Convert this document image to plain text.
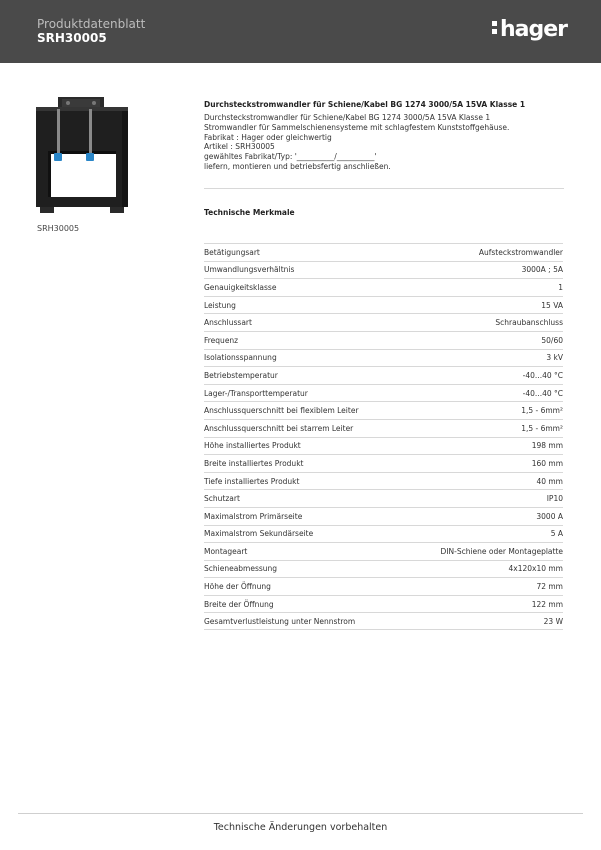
Produktdatenblatt
SRH30005	hager
SRH30005
Durchsteckstromwandler für Schiene/Kabel BG 1274 3000/5A 15VA Klasse 1
Durchsteckstromwandler für Schiene/Kabel BG 1274 3000/5A 15VA Klasse 1
Stromwandler für Sammelschienensysteme mit schlagfestem Kunststoffgehäuse.
Fabrikat : Hager oder gleichwertig
Artikel : SRH30005
gewähltes Fabrikat/Typ: '__________/__________'
liefern, montieren und betriebsfertig anschließen.
Technische Merkmale
Betätigungsart	Aufsteckstromwandler
Umwandlungsverhältnis	3000A ; 5A
Genauigkeitsklasse	1
Leistung	15 VA
Anschlussart	Schraubanschluss
Frequenz	50/60
Isolationsspannung	3 kV
Betriebstemperatur	-40...40 °C
Lager-/Transporttemperatur	-40...40 °C
Anschlussquerschnitt bei flexiblem Leiter	1,5 - 6mm²
Anschlussquerschnitt bei starrem Leiter	1,5 - 6mm²
Höhe installiertes Produkt	198 mm
Breite installiertes Produkt	160 mm
Tiefe installiertes Produkt	40 mm
Schutzart	IP10
Maximalstrom Primärseite	3000 A
Maximalstrom Sekundärseite	5 A
Montageart	DIN-Schiene oder Montageplatte
Schieneabmessung	4x120x10 mm
Höhe der Öffnung	72 mm
Breite der Öffnung	122 mm
Gesamtverlustleistung unter Nennstrom	23 W
Technische Änderungen vorbehalten
